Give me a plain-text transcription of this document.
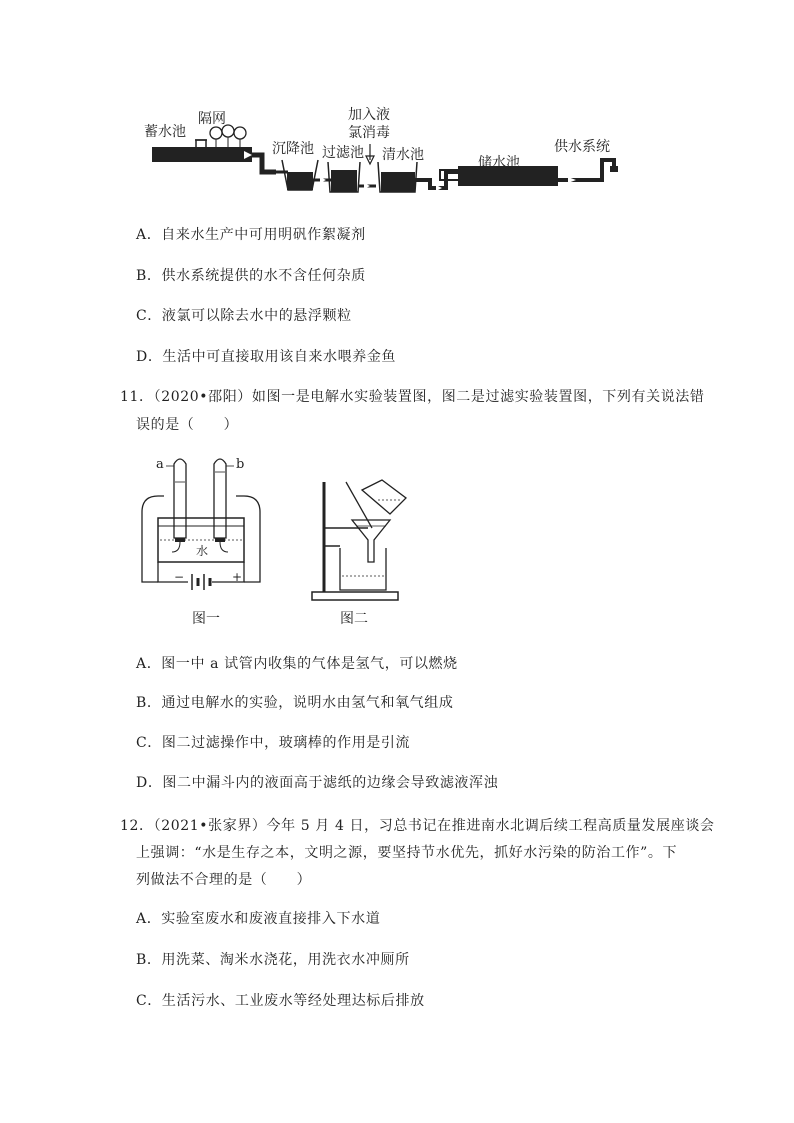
蓄水池
隔网
沉降池 过滤池
加入液
氯消毒
清水池	储水池
供水系统
A．自来水生产中可用明矾作絮凝剂
B．供水系统提供的水不含任何杂质
C．液氯可以除去水中的悬浮颗粒
D．生活中可直接取用该自来水喂养金鱼
11．（2020•邵阳）如图一是电解水实验装置图，图二是过滤实验装置图，下列有关说法错
误的是（　　）
a	b
水
−	+
图一	图二
A．图一中 a 试管内收集的气体是氢气，可以燃烧
B．通过电解水的实验，说明水由氢气和氧气组成
C．图二过滤操作中，玻璃棒的作用是引流
D．图二中漏斗内的液面高于滤纸的边缘会导致滤液浑浊
12．（2021•张家界）今年 5 月 4 日，习总书记在推进南水北调后续工程高质量发展座谈会
上强调：“水是生存之本，文明之源，要坚持节水优先，抓好水污染的防治工作”。下
列做法不合理的是（　　）
A．实验室废水和废液直接排入下水道
B．用洗菜、淘米水浇花，用洗衣水冲厕所
C．生活污水、工业废水等经处理达标后排放
